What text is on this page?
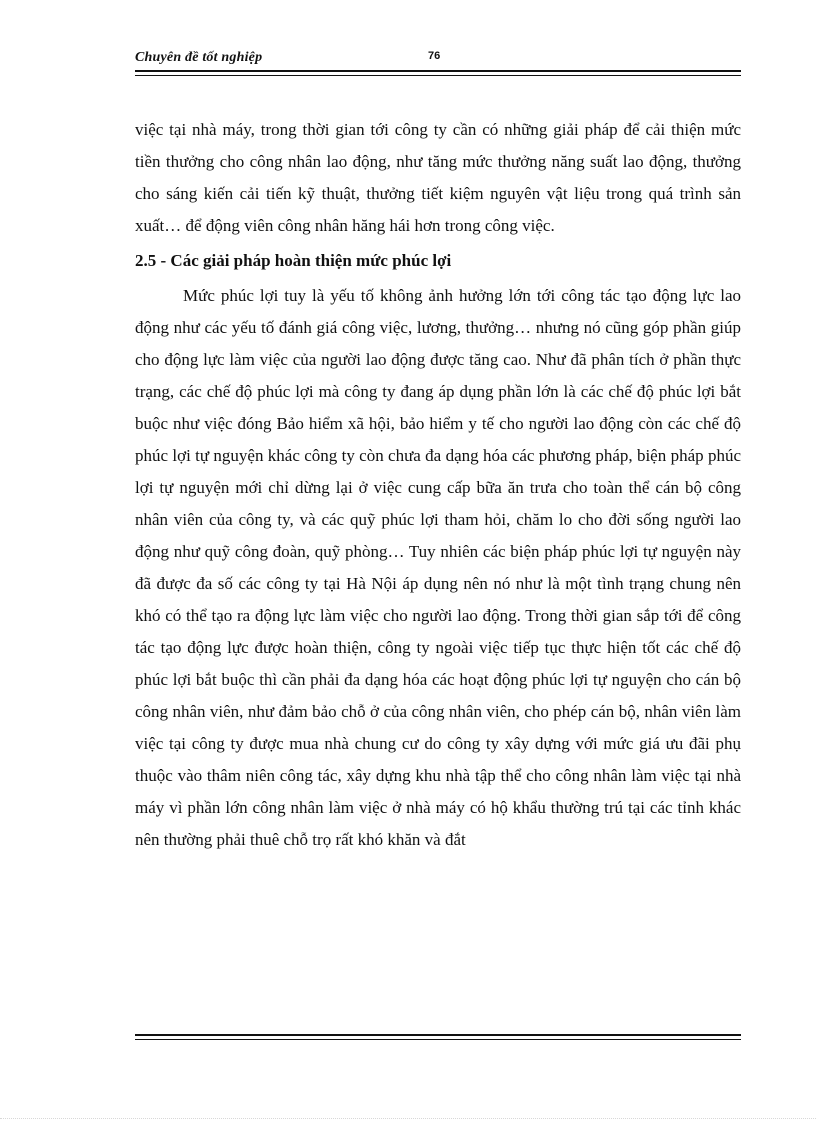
Chuyên đề tốt nghiệp	76

việc tại nhà máy, trong thời gian tới công ty cần có những giải pháp để cải thiện mức tiền thưởng cho công nhân lao động, như tăng mức thưởng năng suất lao động, thưởng cho sáng kiến cải tiến kỹ thuật, thưởng tiết kiệm nguyên vật liệu trong quá trình sản xuất… để động viên công nhân hăng hái hơn trong công việc.

2.5 - Các giải pháp hoàn thiện mức phúc lợi

Mức phúc lợi tuy là yếu tố không ảnh hưởng lớn tới công tác tạo động lực lao động như các yếu tố đánh giá công việc, lương, thưởng… nhưng nó cũng góp phần giúp cho động lực làm việc của người lao động được tăng cao. Như đã phân tích ở phần thực trạng, các chế độ phúc lợi mà công ty đang áp dụng phần lớn là các chế độ phúc lợi bắt buộc như việc đóng Bảo hiểm xã hội, bảo hiểm y tế cho người lao động còn các chế độ phúc lợi tự nguyện khác công ty còn chưa đa dạng hóa các phương pháp, biện pháp phúc lợi tự nguyện mới chỉ dừng lại ở việc cung cấp bữa ăn trưa cho toàn thể cán bộ công nhân viên của công ty, và các quỹ phúc lợi tham hỏi, chăm lo cho đời sống người lao động như quỹ công đoàn, quỹ phòng… Tuy nhiên các biện pháp phúc lợi tự nguyện này đã được đa số các công ty tại Hà Nội áp dụng nên nó như là một tình trạng chung nên khó có thể tạo ra động lực làm việc cho người lao động. Trong thời gian sắp tới để công tác tạo động lực được hoàn thiện, công ty ngoài việc tiếp tục thực hiện tốt các chế độ phúc lợi bắt buộc thì cần phải đa dạng hóa các hoạt động phúc lợi tự nguyện cho cán bộ công nhân viên, như đảm bảo chỗ ở của công nhân viên, cho phép cán bộ, nhân viên làm việc tại công ty được mua nhà chung cư do công ty xây dựng với mức giá ưu đãi phụ thuộc vào thâm niên công tác, xây dựng khu nhà tập thể cho công nhân làm việc tại nhà máy vì phần lớn công nhân làm việc ở nhà máy có hộ khẩu thường trú tại các tỉnh khác nên thường phải thuê chỗ trọ rất khó khăn và đắt
